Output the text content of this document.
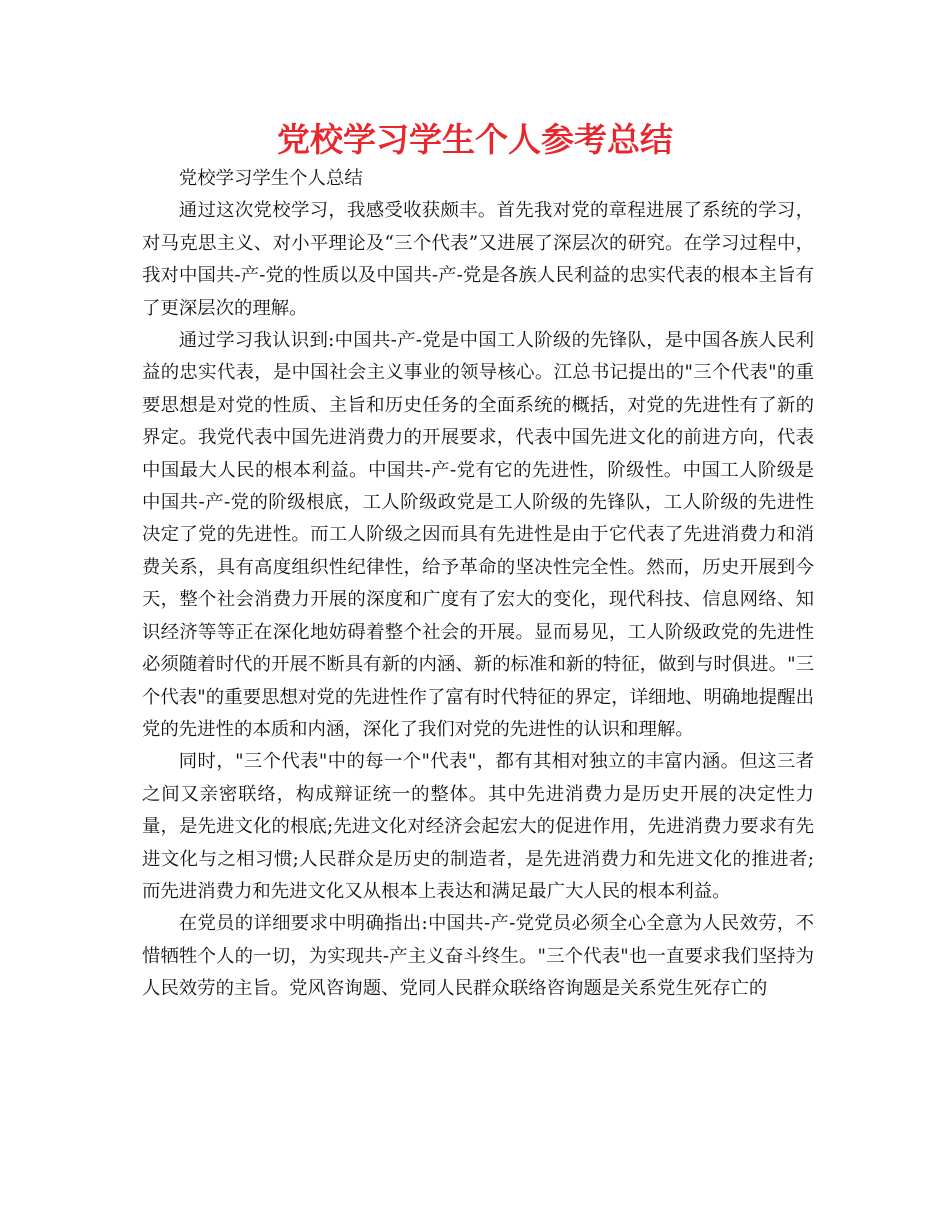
党校学习学生个人参考总结

党校学习学生个人总结

通过这次党校学习，我感受收获颇丰。首先我对党的章程进展了系统的学习，对马克思主义、对小平理论及“三个代表”又进展了深层次的研究。在学习过程中，我对中国共-产-党的性质以及中国共-产-党是各族人民利益的忠实代表的根本主旨有了更深层次的理解。

通过学习我认识到:中国共-产-党是中国工人阶级的先锋队，是中国各族人民利益的忠实代表，是中国社会主义事业的领导核心。江总书记提出的"三个代表"的重要思想是对党的性质、主旨和历史任务的全面系统的概括，对党的先进性有了新的界定。我党代表中国先进消费力的开展要求，代表中国先进文化的前进方向，代表中国最大人民的根本利益。中国共-产-党有它的先进性，阶级性。中国工人阶级是中国共-产-党的阶级根底，工人阶级政党是工人阶级的先锋队，工人阶级的先进性决定了党的先进性。而工人阶级之因而具有先进性是由于它代表了先进消费力和消费关系，具有高度组织性纪律性，给予革命的坚决性完全性。然而，历史开展到今天，整个社会消费力开展的深度和广度有了宏大的变化，现代科技、信息网络、知识经济等等正在深化地妨碍着整个社会的开展。显而易见，工人阶级政党的先进性必须随着时代的开展不断具有新的内涵、新的标准和新的特征，做到与时俱进。"三个代表"的重要思想对党的先进性作了富有时代特征的界定，详细地、明确地提醒出党的先进性的本质和内涵，深化了我们对党的先进性的认识和理解。

同时，"三个代表"中的每一个"代表"，都有其相对独立的丰富内涵。但这三者之间又亲密联络，构成辩证统一的整体。其中先进消费力是历史开展的决定性力量，是先进文化的根底;先进文化对经济会起宏大的促进作用，先进消费力要求有先进文化与之相习惯;人民群众是历史的制造者，是先进消费力和先进文化的推进者;而先进消费力和先进文化又从根本上表达和满足最广大人民的根本利益。

在党员的详细要求中明确指出:中国共-产-党党员必须全心全意为人民效劳，不惜牺牲个人的一切，为实现共-产主义奋斗终生。"三个代表"也一直要求我们坚持为人民效劳的主旨。党风咨询题、党同人民群众联络咨询题是关系党生死存亡的
